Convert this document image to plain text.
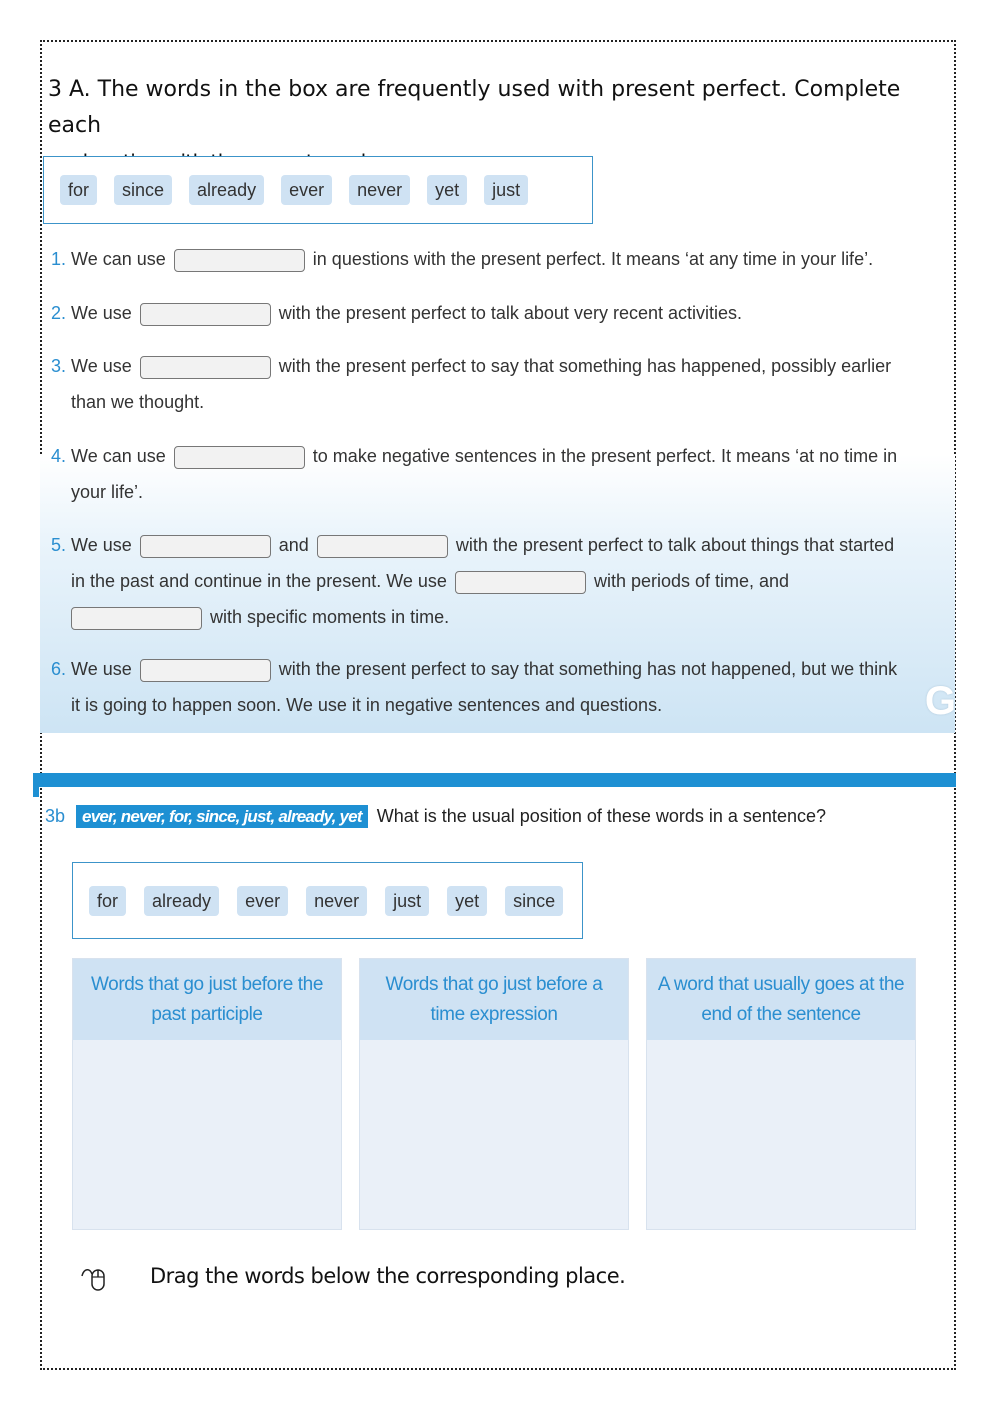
3 A. The words in the box are frequently used with present perfect. Complete each
for	since	already	ever	never	yet	just
G
1. We can use	in questions with the present perfect. It means ‘at any time in your life’.
2. We use	with the present perfect to talk about very recent activities.
3. We use	with the present perfect to say that something has happened, possibly earlier
than we thought.
4. We can use	to make negative sentences in the present perfect. It means ‘at no time in
your life’.
5. We use	and	with the present perfect to talk about things that started
in the past and continue in the present. We use	with periods of time, and
with specific moments in time.
6. We use	with the present perfect to say that something has not happened, but we think
it is going to happen soon. We use it in negative sentences and questions.
3b ever, never, for, since, just, already, yet What is the usual position of these words in a sentence?
for	already	ever	never	just	yet	since
Words that go just before the past participle
Words that go just before a time expression
A word that usually goes at the end of the sentence
Drag the words below the corresponding place.
